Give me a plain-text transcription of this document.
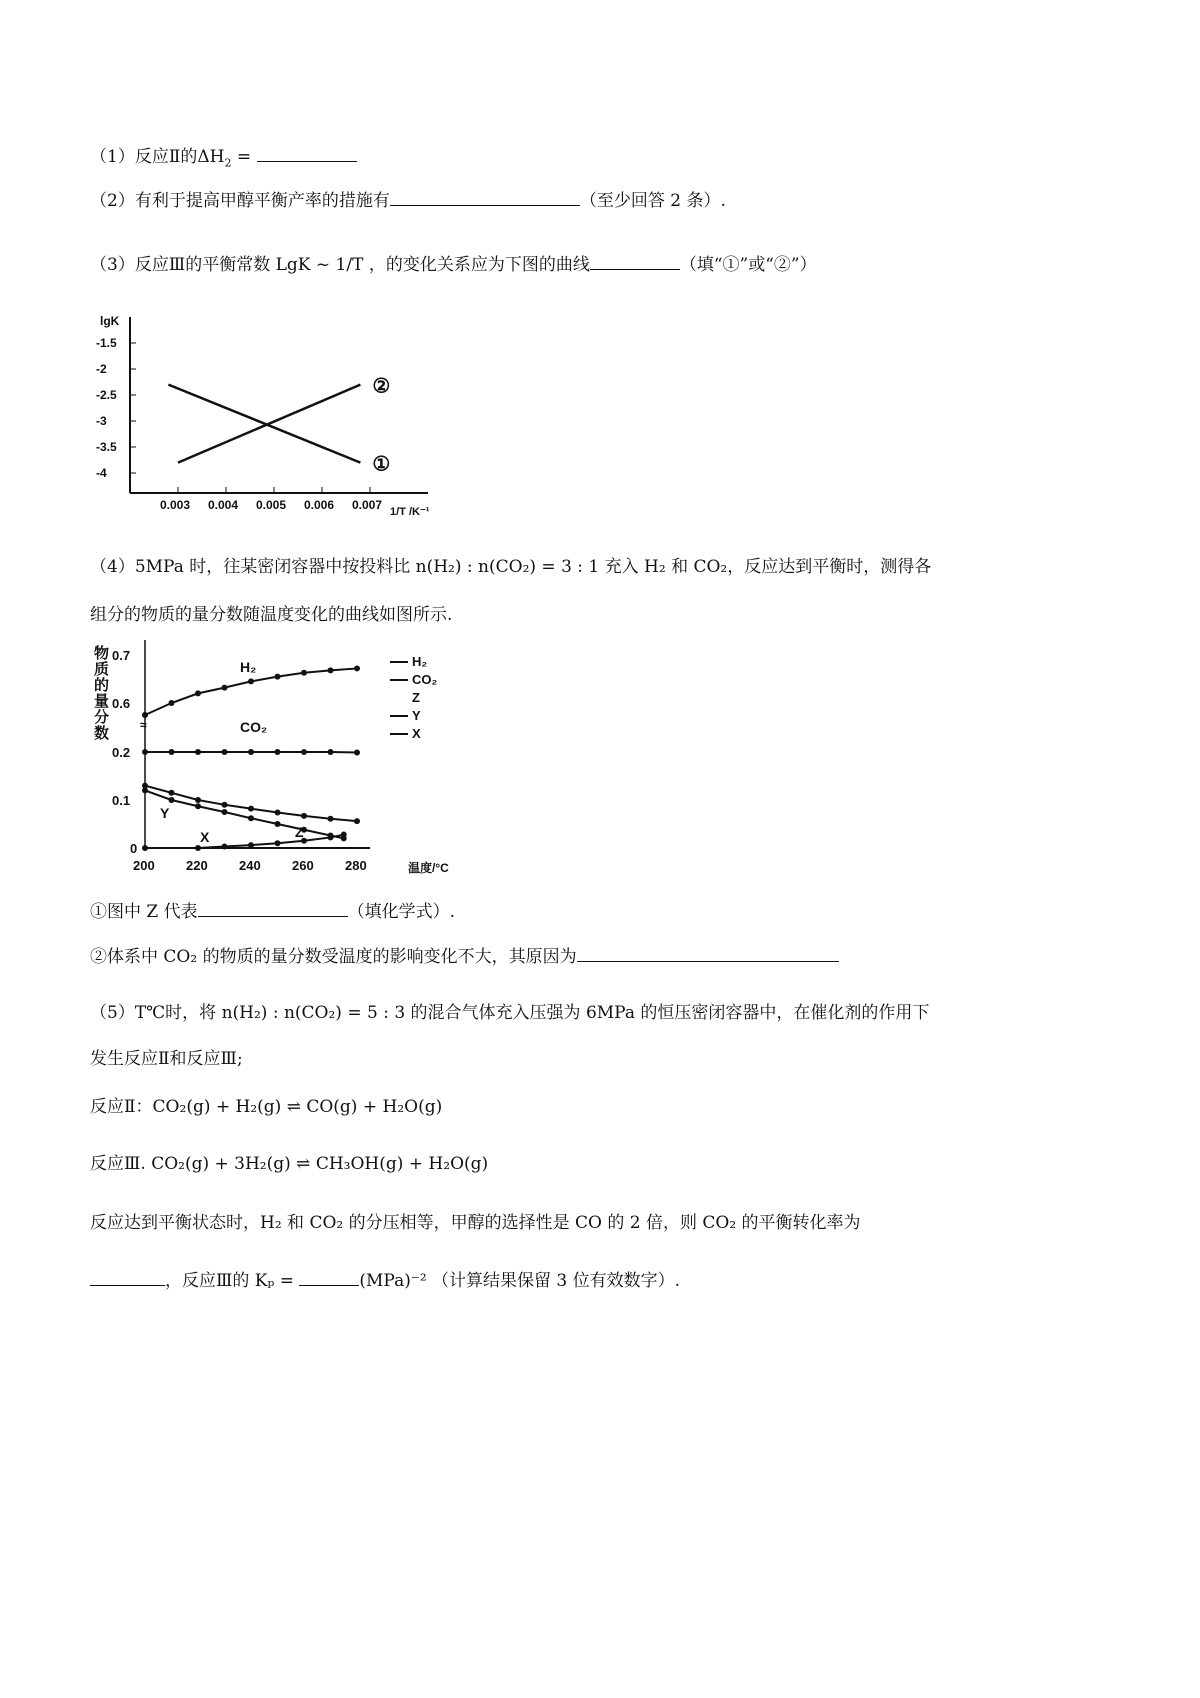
（1）反应Ⅱ的$\Delta H_2$ =
（2）有利于提高甲醇平衡产率的措施有	（至少回答 2 条）.
（3）反应Ⅲ的平衡常数 LgK ~ 1/T ，的变化关系应为下图的曲线	（填“①”或“②”）
lgK
1/T /K⁻¹
-1.5
-2
-2.5
-3
-3.5
-4
0.003 0.004 0.005 0.006 0.007
①
②
（4）5MPa 时，往某密闭容器中按投料比 n(H₂) : n(CO₂) = 3 : 1 充入 H₂ 和 CO₂，反应达到平衡时，测得各
组分的物质的量分数随温度变化的曲线如图所示.
≈
物
质
的
量
分
数
0.7
0.6
0.2
0.1
0
200 220 240 260 280	温度/°C
H₂
CO₂
Z
Y
X
H₂
CO₂
Z
Y
X
①图中 Z 代表	（填化学式）.
②体系中 CO₂ 的物质的量分数受温度的影响变化不大，其原因为
（5）T℃时，将 n(H₂) : n(CO₂) = 5 : 3 的混合气体充入压强为 6MPa 的恒压密闭容器中，在催化剂的作用下
发生反应Ⅱ和反应Ⅲ;
反应Ⅱ：CO₂(g) + H₂(g) ⇌ CO(g) + H₂O(g)
反应Ⅲ. CO₂(g) + 3H₂(g) ⇌ CH₃OH(g) + H₂O(g)
反应达到平衡状态时，H₂ 和 CO₂ 的分压相等，甲醇的选择性是 CO 的 2 倍，则 CO₂ 的平衡转化率为
，反应Ⅲ的 Kₚ =	(MPa)⁻² （计算结果保留 3 位有效数字）.
